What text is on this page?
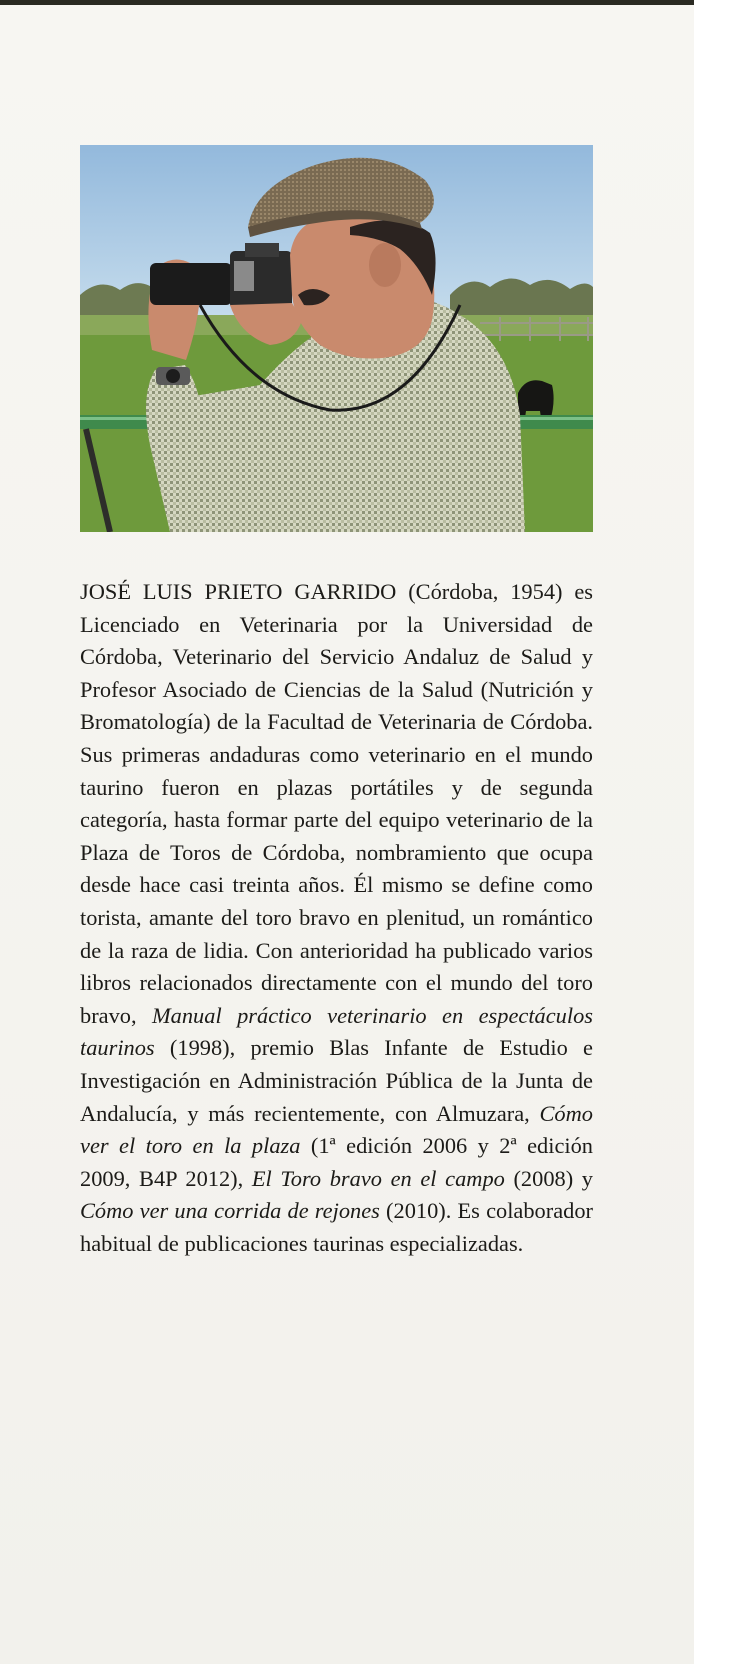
JOSÉ LUIS PRIETO GARRIDO (Córdoba, 1954) es Licenciado en Veterinaria por la Universidad de Córdoba, Veterinario del Servicio Andaluz de Salud y Profesor Asociado de Ciencias de la Salud (Nutrición y Bromatología) de la Facultad de Veterinaria de Córdoba. Sus primeras andaduras como veterinario en el mundo taurino fueron en plazas portátiles y de segunda categoría, hasta formar parte del equipo veterinario de la Plaza de Toros de Córdoba, nombramiento que ocupa desde hace casi treinta años. Él mismo se define como torista, amante del toro bravo en plenitud, un romántico de la raza de lidia. Con anterioridad ha publicado varios libros relacionados directamente con el mundo del toro bravo, Manual práctico veterinario en espectáculos taurinos (1998), premio Blas Infante de Estudio e Investigación en Administración Pública de la Junta de Andalucía, y más recientemente, con Almuzara, Cómo ver el toro en la plaza (1ª edición 2006 y 2ª edición 2009, B4P 2012), El Toro bravo en el campo (2008) y Cómo ver una corrida de rejones (2010). Es colaborador habitual de publicaciones taurinas especializadas.
